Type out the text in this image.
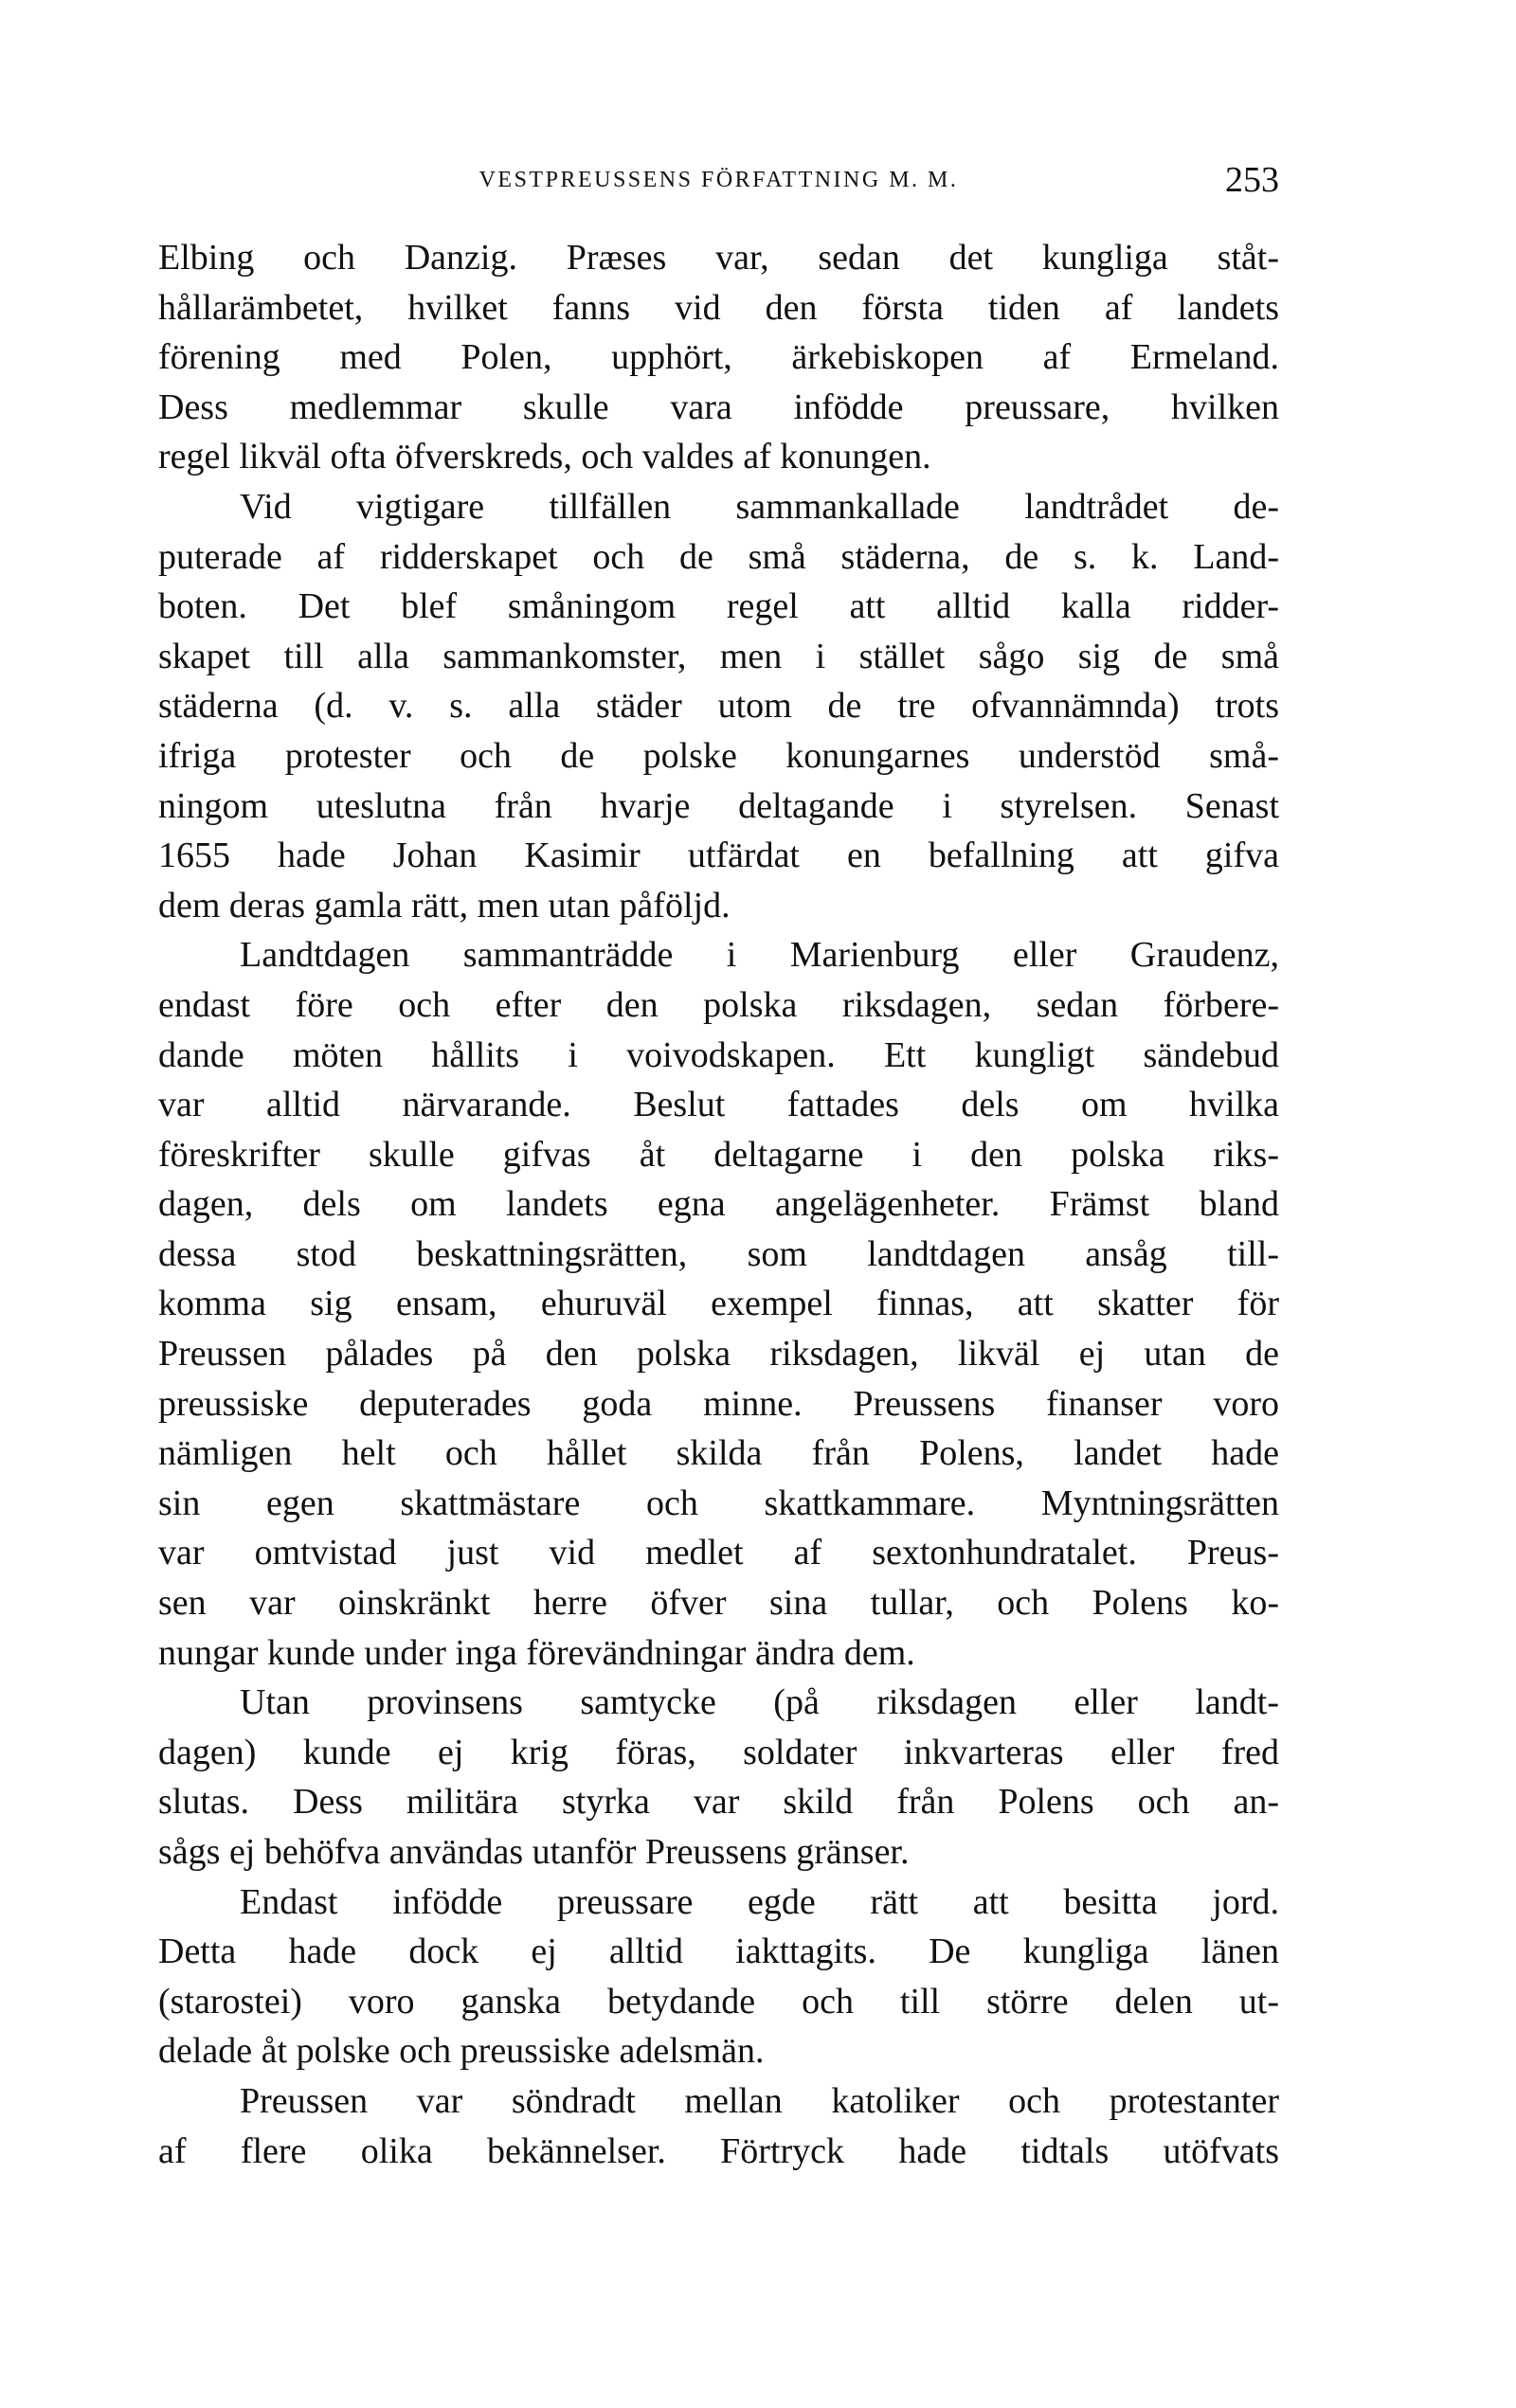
VESTPREUSSENS FÖRFATTNING M. M.	253
Elbing och Danzig. Præses var, sedan det kungliga ståt-
hållarämbetet, hvilket fanns vid den första tiden af landets
förening med Polen, upphört, ärkebiskopen af Ermeland.
Dess medlemmar skulle vara infödde preussare, hvilken
regel likväl ofta öfverskreds, och valdes af konungen.
Vid vigtigare tillfällen sammankallade landtrådet de-
puterade af ridderskapet och de små städerna, de s. k. Land-
boten. Det blef småningom regel att alltid kalla ridder-
skapet till alla sammankomster, men i stället sågo sig de små
städerna (d. v. s. alla städer utom de tre ofvannämnda) trots
ifriga protester och de polske konungarnes understöd små-
ningom uteslutna från hvarje deltagande i styrelsen. Senast
1655 hade Johan Kasimir utfärdat en befallning att gifva
dem deras gamla rätt, men utan påföljd.
Landtdagen sammanträdde i Marienburg eller Graudenz,
endast före och efter den polska riksdagen, sedan förbere-
dande möten hållits i voivodskapen. Ett kungligt sändebud
var alltid närvarande. Beslut fattades dels om hvilka
föreskrifter skulle gifvas åt deltagarne i den polska riks-
dagen, dels om landets egna angelägenheter. Främst bland
dessa stod beskattningsrätten, som landtdagen ansåg till-
komma sig ensam, ehuruväl exempel finnas, att skatter för
Preussen pålades på den polska riksdagen, likväl ej utan de
preussiske deputerades goda minne. Preussens finanser voro
nämligen helt och hållet skilda från Polens, landet hade
sin egen skattmästare och skattkammare. Myntningsrätten
var omtvistad just vid medlet af sextonhundratalet. Preus-
sen var oinskränkt herre öfver sina tullar, och Polens ko-
nungar kunde under inga förevändningar ändra dem.
Utan provinsens samtycke (på riksdagen eller landt-
dagen) kunde ej krig föras, soldater inkvarteras eller fred
slutas. Dess militära styrka var skild från Polens och an-
sågs ej behöfva användas utanför Preussens gränser.
Endast infödde preussare egde rätt att besitta jord.
Detta hade dock ej alltid iakttagits. De kungliga länen
(starostei) voro ganska betydande och till större delen ut-
delade åt polske och preussiske adelsmän.
Preussen var söndradt mellan katoliker och protestanter
af flere olika bekännelser. Förtryck hade tidtals utöfvats
